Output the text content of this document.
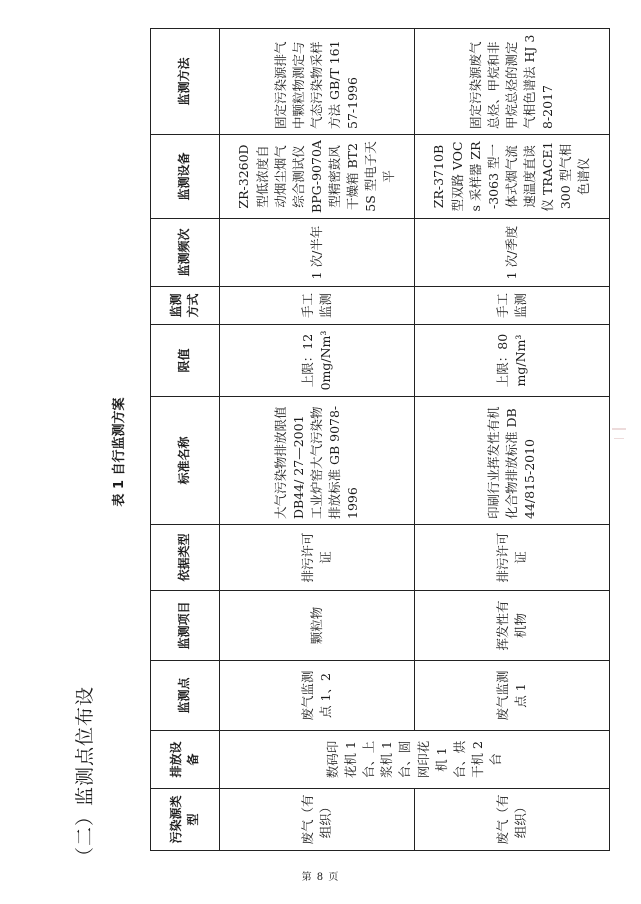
（二）监测点位布设
表 1 自行监测方案
污染源类型	排放设备	监测点	监测项目	依据类型	标准名称	限值	监测方式	监测频次	监测设备	监测方法
废气（有组织）	数码印花机 1 台、上浆机 1 台、圆网印花机 1 台、烘干机 2 台	废气监测点 1、2	颗粒物	排污许可证	大气污染物排放限值 DB44/ 27—2001 工业炉窑大气污染物排放标准 GB 9078-1996	上限：120mg/Nm³	手工监测	1 次/半年	ZR-3260D 型低浓度自动烟尘烟气综合测试仪 BPG-9070A 型精密鼓风干燥箱 BT25S 型电子天平	固定污染源排气中颗粒物测定与气态污染物采样方法 GB/T 16157-1996
废气（有组织）		废气监测点 1	挥发性有机物	排污许可证	印刷行业挥发性有机化合物排放标准 DB44/815-2010	上限：80mg/Nm³	手工监测	1 次/季度	ZR-3710B 型双路 VOCs 采样器 ZR-3063 型一体式烟气流速温度直读仪 TRACE1300 型气相色谱仪	固定污染源废气总烃、甲烷和非甲烷总烃的测定 气相色谱法 HJ 38-2017
第 8 页
